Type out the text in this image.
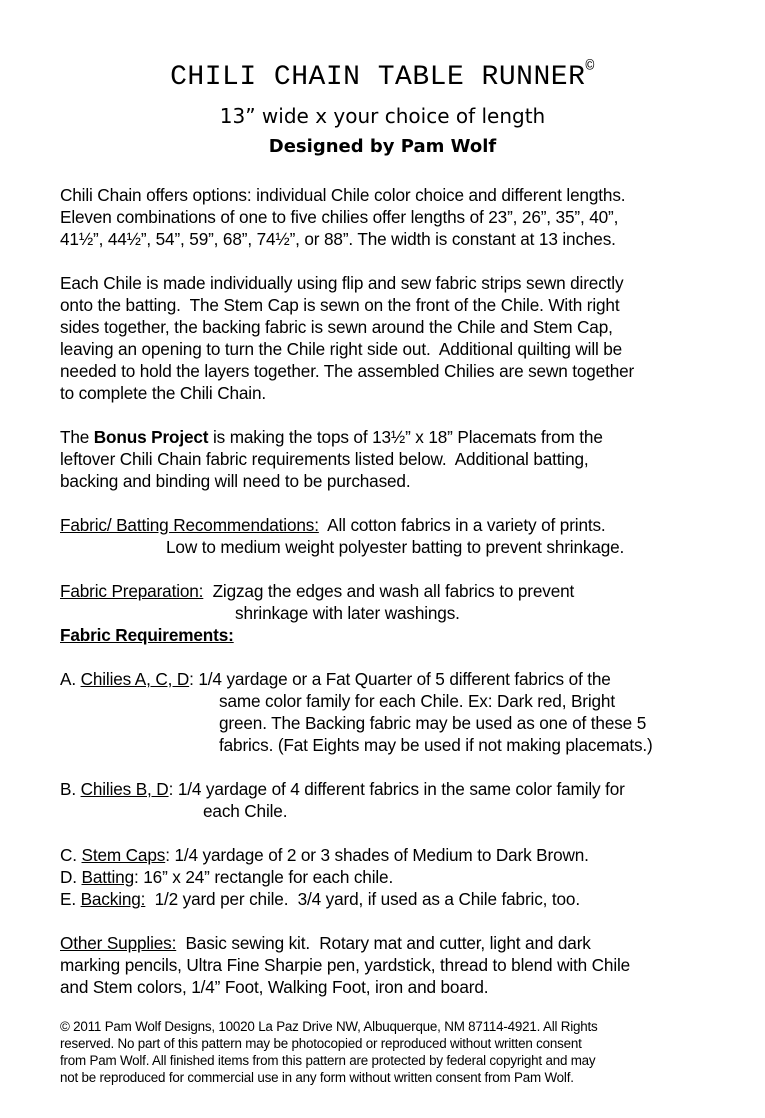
CHILI CHAIN TABLE RUNNER©
13” wide x your choice of length
Designed by Pam Wolf
Chili Chain offers options: individual Chile color choice and different lengths.
Eleven combinations of one to five chilies offer lengths of 23”, 26”, 35”, 40”,
41½”, 44½”, 54”, 59”, 68”, 74½”, or 88”. The width is constant at 13 inches.
Each Chile is made individually using flip and sew fabric strips sewn directly
onto the batting.  The Stem Cap is sewn on the front of the Chile. With right
sides together, the backing fabric is sewn around the Chile and Stem Cap,
leaving an opening to turn the Chile right side out.  Additional quilting will be
needed to hold the layers together. The assembled Chilies are sewn together
to complete the Chili Chain.
The Bonus Project is making the tops of 13½” x 18” Placemats from the
leftover Chili Chain fabric requirements listed below.  Additional batting,
backing and binding will need to be purchased.
Fabric/ Batting Recommendations:  All cotton fabrics in a variety of prints.
Low to medium weight polyester batting to prevent shrinkage.
Fabric Preparation:  Zigzag the edges and wash all fabrics to prevent
shrinkage with later washings.
Fabric Requirements:
A. Chilies A, C, D: 1/4 yardage or a Fat Quarter of 5 different fabrics of the
same color family for each Chile. Ex: Dark red, Bright
green. The Backing fabric may be used as one of these 5
fabrics. (Fat Eights may be used if not making placemats.)
B. Chilies B, D: 1/4 yardage of 4 different fabrics in the same color family for
each Chile.
C. Stem Caps: 1/4 yardage of 2 or 3 shades of Medium to Dark Brown.
D. Batting: 16” x 24” rectangle for each chile.
E. Backing:  1/2 yard per chile.  3/4 yard, if used as a Chile fabric, too.
Other Supplies:  Basic sewing kit.  Rotary mat and cutter, light and dark
marking pencils, Ultra Fine Sharpie pen, yardstick, thread to blend with Chile
and Stem colors, 1/4” Foot, Walking Foot, iron and board.
© 2011 Pam Wolf Designs, 10020 La Paz Drive NW, Albuquerque, NM 87114-4921. All Rights
reserved. No part of this pattern may be photocopied or reproduced without written consent
from Pam Wolf. All finished items from this pattern are protected by federal copyright and may
not be reproduced for commercial use in any form without written consent from Pam Wolf.
